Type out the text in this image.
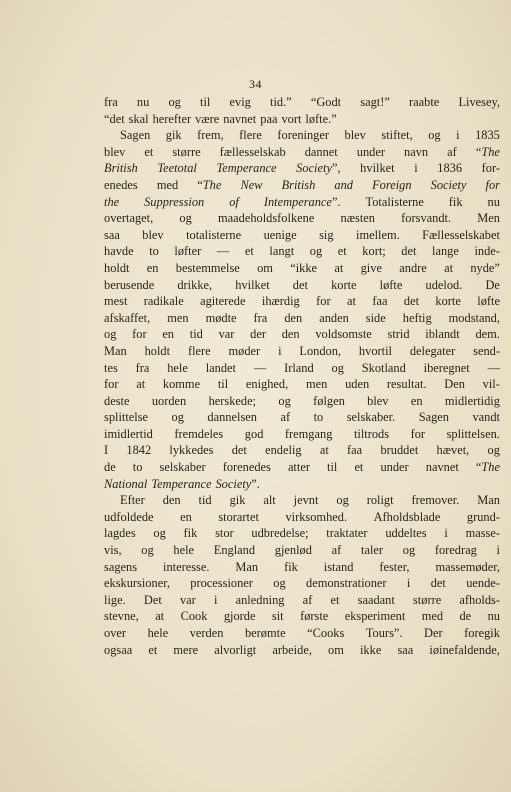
34
fra nu og til evig tid.” “Godt sagt!” raabte Livesey,
“det skal herefter være navnet paa vort løfte.”
Sagen gik frem, flere foreninger blev stiftet, og i 1835
blev et større fællesselskab dannet under navn af “The
British Teetotal Temperance Society”, hvilket i 1836 for-
enedes med “The New British and Foreign Society for
the Suppression of Intemperance”. Totalisterne fik nu
overtaget, og maadeholdsfolkene næsten forsvandt. Men
saa blev totalisterne uenige sig imellem. Fællesselskabet
havde to løfter — et langt og et kort; det lange inde-
holdt en bestemmelse om “ikke at give andre at nyde”
berusende drikke, hvilket det korte løfte udelod. De
mest radikale agiterede ihærdig for at faa det korte løfte
afskaffet, men mødte fra den anden side heftig modstand,
og for en tid var der den voldsomste strid iblandt dem.
Man holdt flere møder i London, hvortil delegater send-
tes fra hele landet — Irland og Skotland iberegnet —
for at komme til enighed, men uden resultat. Den vil-
deste uorden herskede; og følgen blev en midlertidig
splittelse og dannelsen af to selskaber. Sagen vandt
imidlertid fremdeles god fremgang tiltrods for splittelsen.
I 1842 lykkedes det endelig at faa bruddet hævet, og
de to selskaber forenedes atter til et under navnet “The
National Temperance Society”.
Efter den tid gik alt jevnt og roligt fremover. Man
udfoldede en storartet virksomhed. Afholdsblade grund-
lagdes og fik stor udbredelse; traktater uddeltes i masse-
vis, og hele England gjenlød af taler og foredrag i
sagens interesse. Man fik istand fester, massemøder,
ekskursioner, processioner og demonstrationer i det uende-
lige. Det var i anledning af et saadant større afholds-
stevne, at Cook gjorde sit første eksperiment med de nu
over hele verden berømte “Cooks Tours”. Der foregik
ogsaa et mere alvorligt arbeide, om ikke saa iøinefaldende,
